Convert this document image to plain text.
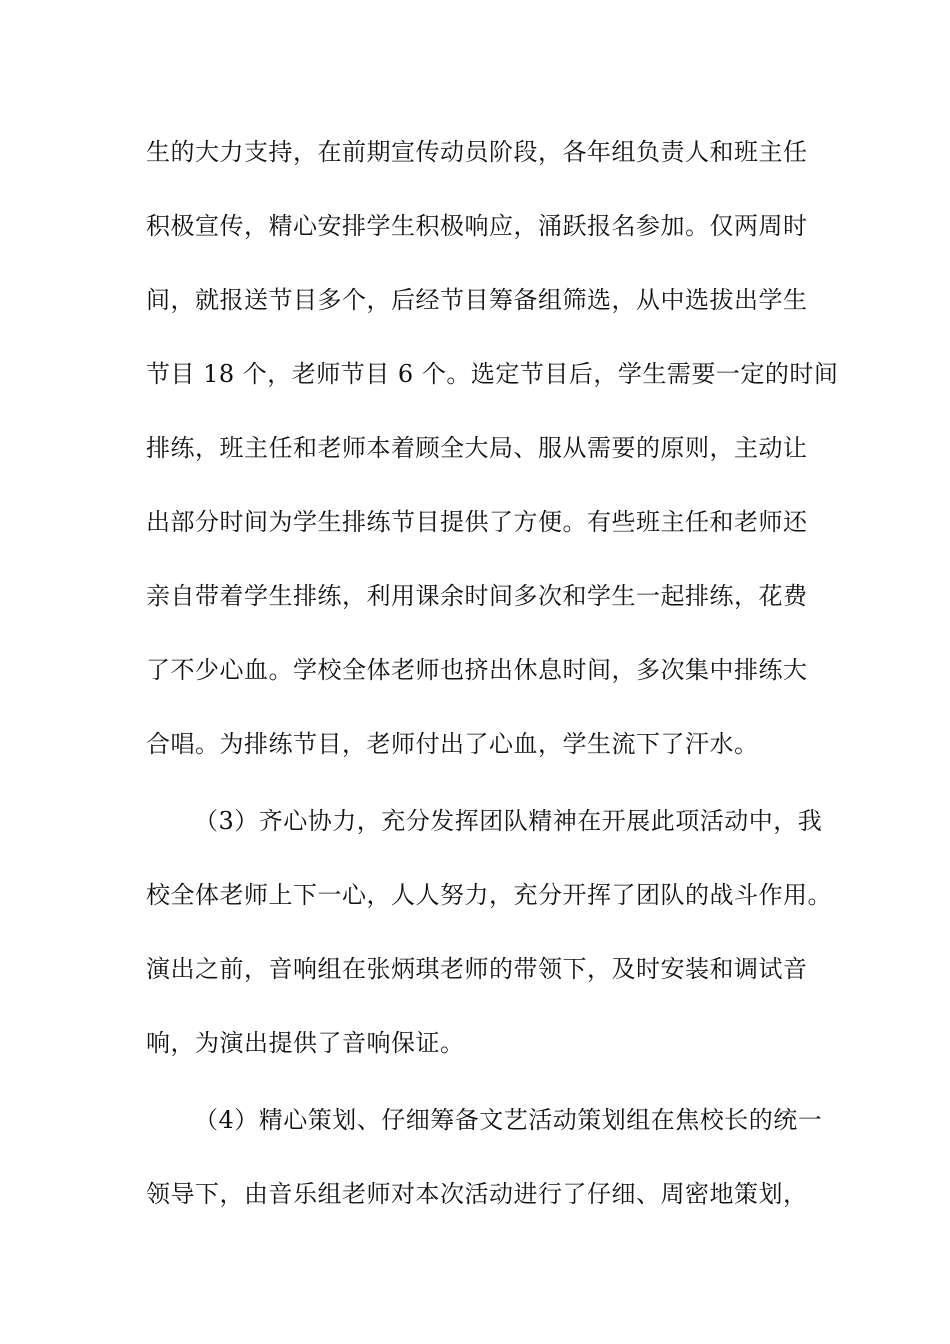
生的大力支持，在前期宣传动员阶段，各年组负责人和班主任
积极宣传，精心安排学生积极响应，涌跃报名参加。仅两周时
间，就报送节目多个，后经节目筹备组筛选，从中选拔出学生
节目 18 个，老师节目 6 个。选定节目后，学生需要一定的时间
排练，班主任和老师本着顾全大局、服从需要的原则，主动让
出部分时间为学生排练节目提供了方便。有些班主任和老师还
亲自带着学生排练，利用课余时间多次和学生一起排练，花费
了不少心血。学校全体老师也挤出休息时间，多次集中排练大
合唱。为排练节目，老师付出了心血，学生流下了汗水。
（3）齐心协力，充分发挥团队精神在开展此项活动中，我
校全体老师上下一心，人人努力，充分开挥了团队的战斗作用。
演出之前，音响组在张炳琪老师的带领下，及时安装和调试音
响，为演出提供了音响保证。
（4）精心策划、仔细筹备文艺活动策划组在焦校长的统一
领导下，由音乐组老师对本次活动进行了仔细、周密地策划，
